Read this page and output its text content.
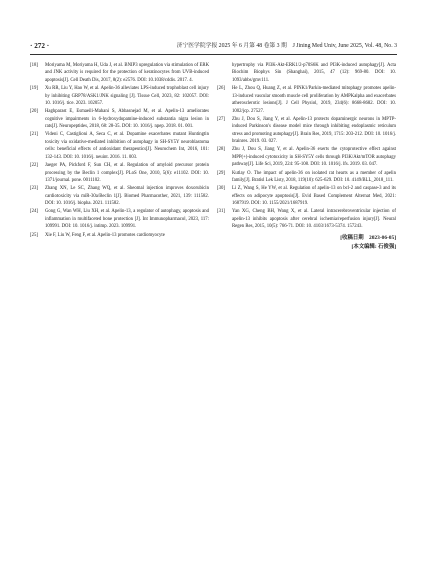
· 272 ·	济宁医学院学报 2025 年 6 月第 48 卷第 3 期　J Jining Med Univ, June 2025, Vol. 48, No. 3
[18] Moriyama M, Moriyama H, Uda J, et al. BNIP3 upregulation via stimulation of ERK and JNK activity is required for the protection of keratinocytes from UVB-induced apoptosis[J]. Cell Death Dis, 2017, 8(2): e2576. DOI: 10.1038/cddis. 2017. 4.
[19] Xu RR, Liu Y, Hao W, et al. Apelin-36 alleviates LPS-induced trophoblast cell injury by inhibiting GRP78/ASK1/JNK signaling [J]. Tissue Cell, 2023, 82: 102057. DOI: 10. 1016/j. tice. 2023. 102057.
[20] Haghparast E, Esmaeili-Mahani S, Abbasnejad M, et al. Apelin-13 ameliorates cognitive impairments in 6-hydroxydopamine-induced substantia nigra lesion in rats[J]. Neuropeptides, 2018, 68: 28-35. DOI: 10. 1016/j. npep. 2018. 01. 001.
[21] Videni C, Castiglioni A, Seca C, et al. Dopamine exacerbates mutant Huntingtin toxicity via oxidative-mediated inhibition of autophagy in SH-SY5Y neuroblastoma cells: beneficial effects of antioxidant therapeutics[J]. Neurochem Int, 2016, 101: 132-143. DOI: 10. 1016/j. neuint. 2016. 11. 003.
[22] Jaeger PA, Pickford F, Sun CH, et al. Regulation of amyloid precursor protein processing by the Beclin 1 complex[J]. PLoS One, 2010, 5(6): e11102. DOI: 10. 1371/journal. pone. 0011102.
[23] Zhang XN, Le SC, Zhang WQ, et al. Sheomal injection improves doxorubicin cardiotoxicity via miR-30a/Beclin 1[J]. Biomed Pharmacother, 2021, 139: 111582. DOI: 10. 1016/j. biopha. 2021. 111582.
[24] Gong G, Wan WH, Liu XH, et al. Apelin-13, a regulator of autophagy, apoptosis and inflammation in multifaceted bone protection [J]. Int Immunopharmacol, 2023, 117: 109991. DOI: 10. 1016/j. intimp. 2023. 109991.
[25] Xie F, Liu W, Feng F, et al. Apelin-13 promotes cardiomyocyte
hypertrophy via PI3K-Akt-ERK1/2-p70S6K and PI3K-induced autophagy[J]. Acta Biochim Biophys Sin (Shanghai), 2015, 47 (12): 969-80. DOI: 10. 1093/abbs/gmv111.
[26] He L, Zhou Q, Huang Z, et al. PINK1/Parkin-mediated mitophagy promotes apelin-13-induced vascular smooth muscle cell proliferation by AMPKalpha and exacerbates atherosclerotic lesions[J]. J Cell Physiol, 2019, 234(6): 8668-8682. DOI: 10. 1002/jcp. 27527.
[27] Zhu J, Dou S, Jiang Y, et al. Apelin-13 protects dopaminergic neurons in MPTP-induced Parkinson's disease model mice through inhibiting endoplasmic reticulum stress and promoting autophagy[J]. Brain Res, 2019, 1715: 203-212. DOI: 10. 1016/j. brainres. 2019. 03. 027.
[28] Zhu J, Dou S, Jiang Y, et al. Apelin-36 exerts the cytoprotective effect against MPP(+)-induced cytotoxicity in SH-SY5Y cells through PI3K/Akt/mTOR autophagy pathway[J]. Life Sci, 2019, 224: 95-108. DOI: 10. 1016/j. lfs. 2019. 03. 047.
[29] Kutlay O. The impact of apelin-36 on isolated rat hearts as a member of apelin family[J]. Bratisl Lek Listy, 2018, 119(10): 625-629. DOI: 10. 4149/BLL_2018_111.
[30] Li Z, Wang S, He YW, et al. Regulation of apelin-13 on bcl-2 and caspase-3 and its effects on adipocyte apoptosis[J]. Evid Based Complement Alternat Med, 2021: 1687919. DOI: 10. 1155/2021/1687919.
[31] Yan XG, Cheng BH, Wang X, et al. Lateral intracerebroventricular injection of apelin-13 inhibits apoptosis after cerebral ischemia/reperfusion injury[J]. Neural Regen Res, 2015, 10(5): 766-71. DOI: 10. 4103/1673-5374. 157243.
[收稿日期　2023-06-05]
[本文编辑: 石俊强]
